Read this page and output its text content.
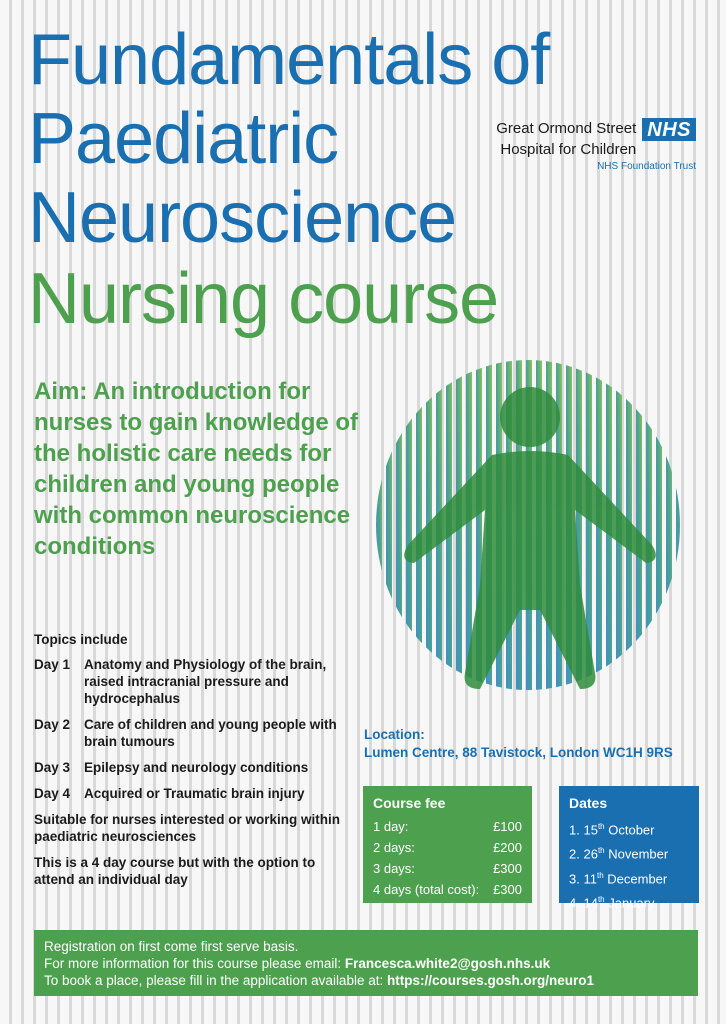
Fundamentals of
Paediatric
Neuroscience
Nursing course
Great Ormond Street
Hospital for Children
NHS
NHS Foundation Trust
Aim: An introduction for nurses to gain knowledge of the holistic care needs for children and young people with common neuroscience conditions
Topics include
Day 1	Anatomy and Physiology of the brain, raised intracranial pressure and hydrocephalus
Day 2	Care of children and young people with brain tumours
Day 3	Epilepsy and neurology conditions
Day 4	Acquired or Traumatic brain injury
Suitable for nurses interested or working within paediatric neurosciences
This is a 4 day course but with the option to attend an individual day
Location:
Lumen Centre, 88 Tavistock, London WC1H 9RS
Course fee
1 day:	£100
2 days:	£200
3 days:	£300
4 days (total cost): £300
Dates
1. 15th October
2. 26th November
3. 11th December
4. 14th January
Registration on first come first serve basis.
For more information for this course please email: Francesca.white2@gosh.nhs.uk
To book a place, please fill in the application available at: https://courses.gosh.org/neuro1
